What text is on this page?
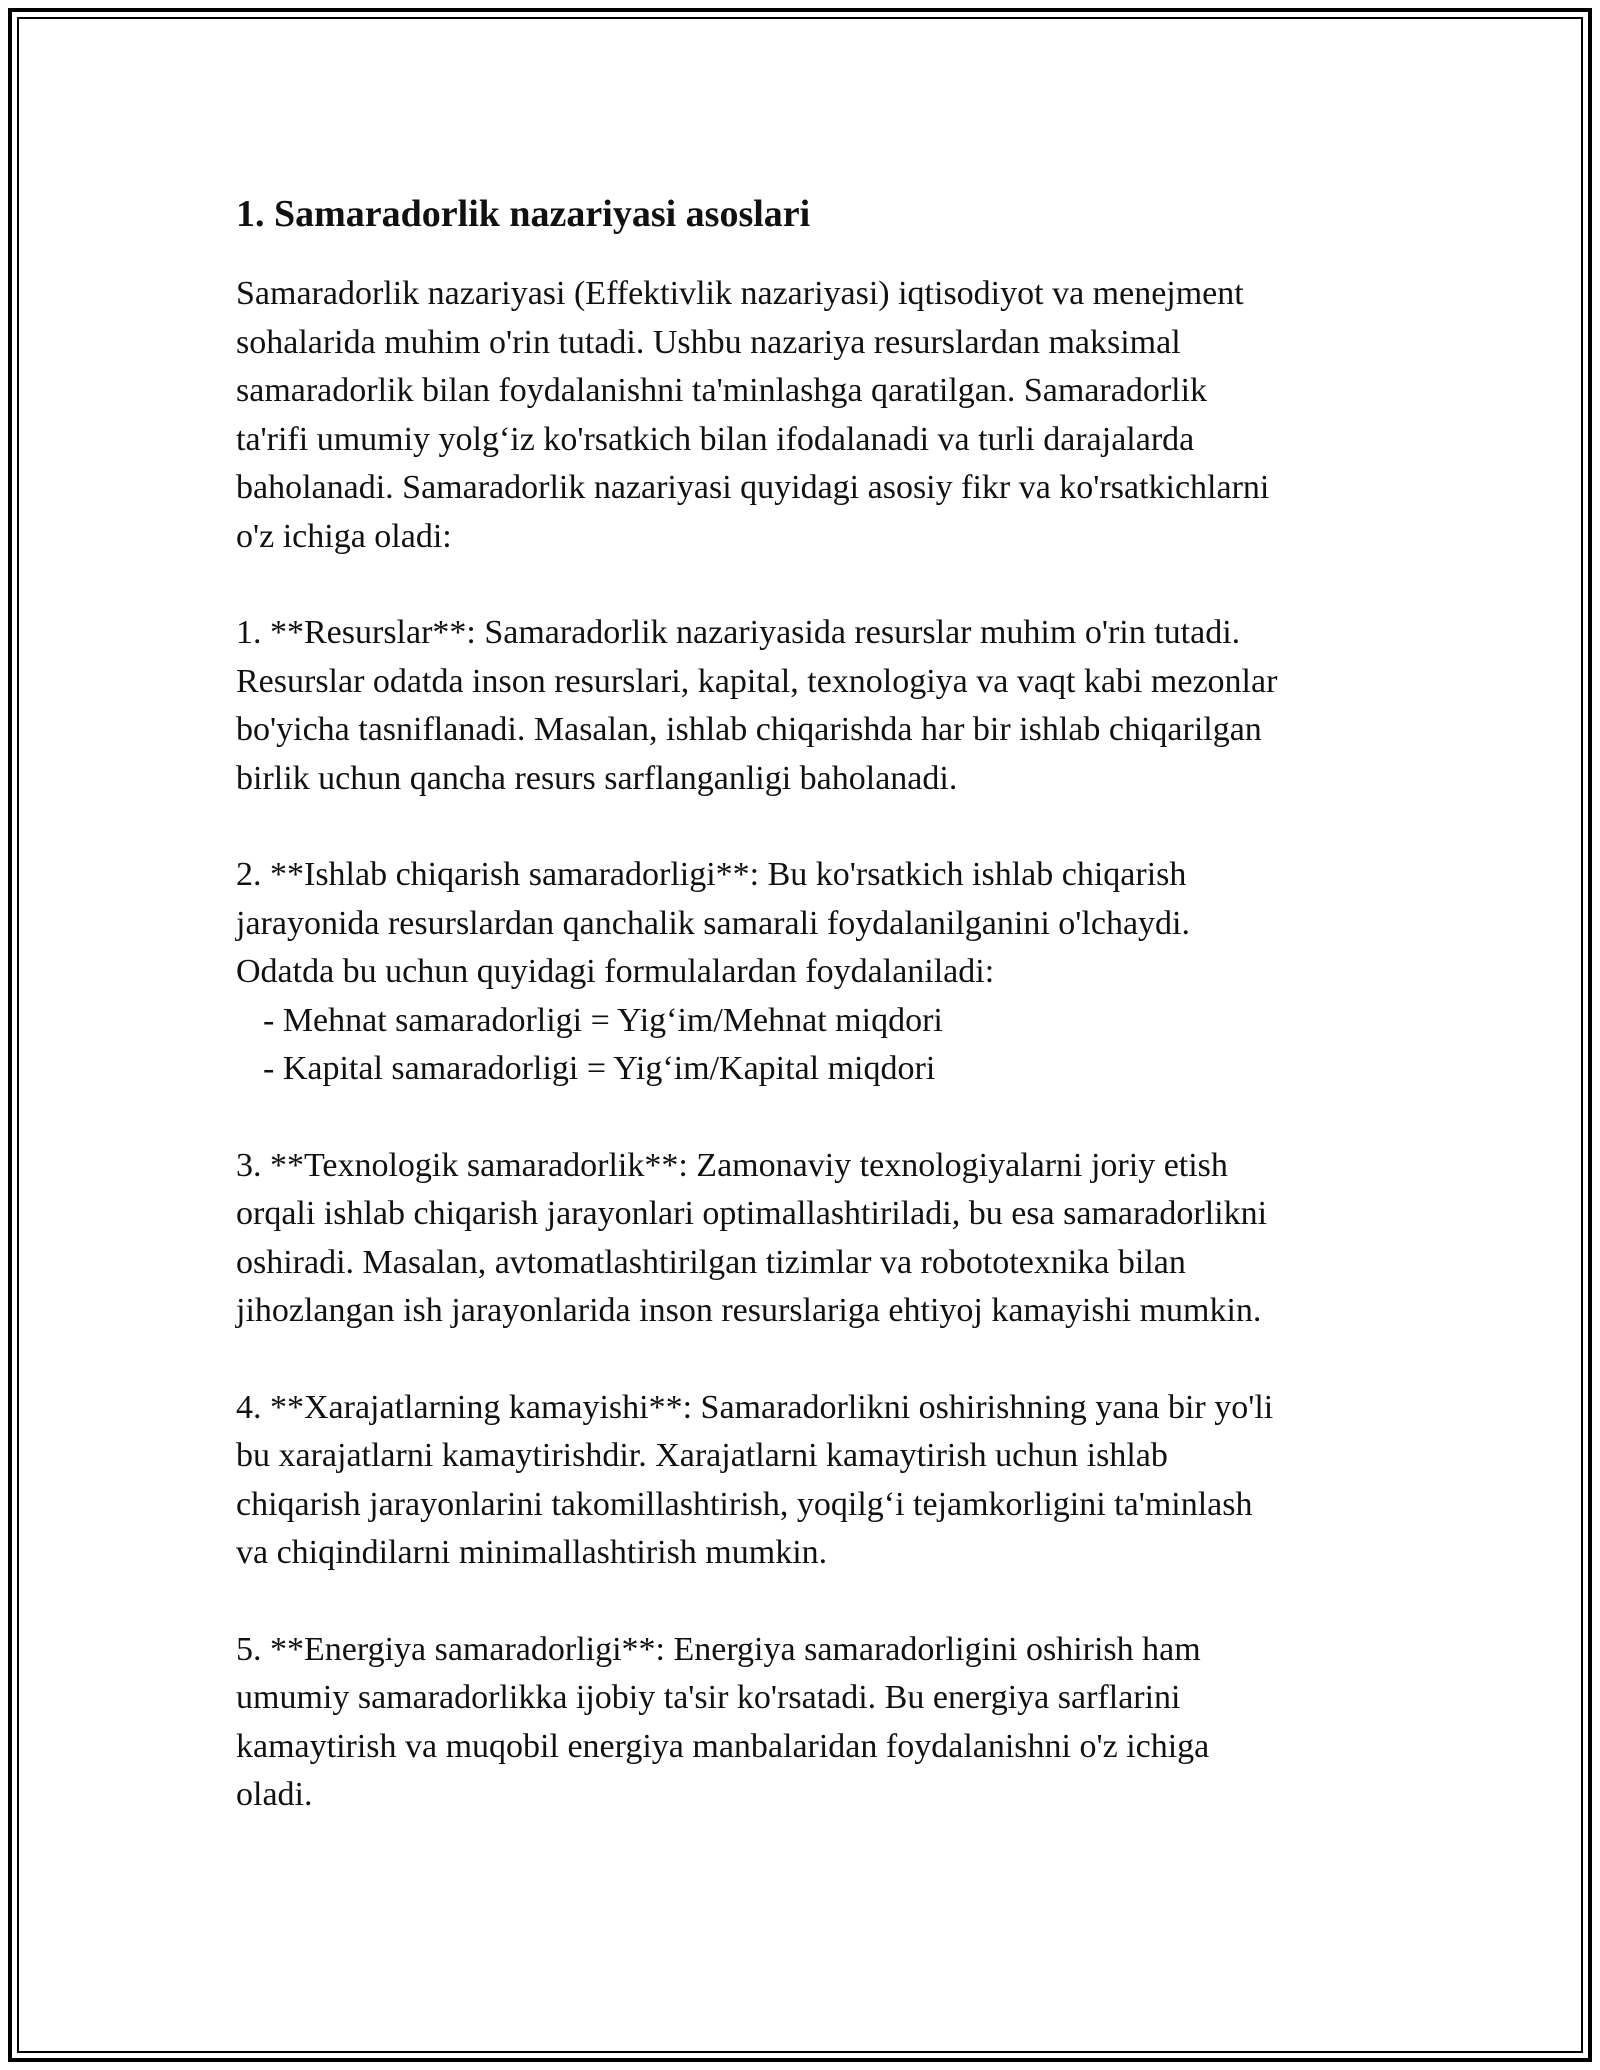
1. Samaradorlik nazariyasi asoslari
Samaradorlik nazariyasi (Effektivlik nazariyasi) iqtisodiyot va menejment
sohalarida muhim o'rin tutadi. Ushbu nazariya resurslardan maksimal
samaradorlik bilan foydalanishni ta'minlashga qaratilgan. Samaradorlik
ta'rifi umumiy yolg‘iz ko'rsatkich bilan ifodalanadi va turli darajalarda
baholanadi. Samaradorlik nazariyasi quyidagi asosiy fikr va ko'rsatkichlarni
o'z ichiga oladi:
1. **Resurslar**: Samaradorlik nazariyasida resurslar muhim o'rin tutadi.
Resurslar odatda inson resurslari, kapital, texnologiya va vaqt kabi mezonlar
bo'yicha tasniflanadi. Masalan, ishlab chiqarishda har bir ishlab chiqarilgan
birlik uchun qancha resurs sarflanganligi baholanadi.
2. **Ishlab chiqarish samaradorligi**: Bu ko'rsatkich ishlab chiqarish
jarayonida resurslardan qanchalik samarali foydalanilganini o'lchaydi.
Odatda bu uchun quyidagi formulalardan foydalaniladi:
- Mehnat samaradorligi = Yig‘im/Mehnat miqdori
- Kapital samaradorligi = Yig‘im/Kapital miqdori
3. **Texnologik samaradorlik**: Zamonaviy texnologiyalarni joriy etish
orqali ishlab chiqarish jarayonlari optimallashtiriladi, bu esa samaradorlikni
oshiradi. Masalan, avtomatlashtirilgan tizimlar va robototexnika bilan
jihozlangan ish jarayonlarida inson resurslariga ehtiyoj kamayishi mumkin.
4. **Xarajatlarning kamayishi**: Samaradorlikni oshirishning yana bir yo'li
bu xarajatlarni kamaytirishdir. Xarajatlarni kamaytirish uchun ishlab
chiqarish jarayonlarini takomillashtirish, yoqilg‘i tejamkorligini ta'minlash
va chiqindilarni minimallashtirish mumkin.
5. **Energiya samaradorligi**: Energiya samaradorligini oshirish ham
umumiy samaradorlikka ijobiy ta'sir ko'rsatadi. Bu energiya sarflarini
kamaytirish va muqobil energiya manbalaridan foydalanishni o'z ichiga
oladi.
